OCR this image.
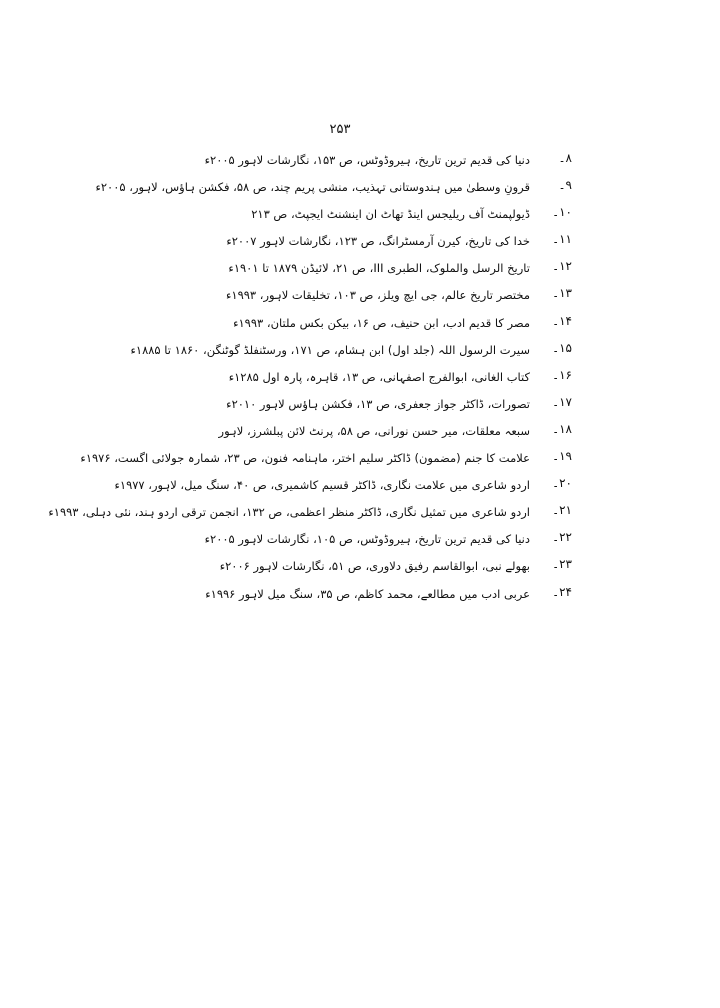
۲۵۳
۸۔
دنیا کی قدیم ترین تاریخ، ہیروڈوٹس، ص ۱۵۳، نگارشات لاہور ۲۰۰۵ء
۹۔
قرونِ وسطیٰ میں ہندوستانی تہذیب، منشی پریم چند، ص ۵۸، فکشن ہاؤس، لاہور، ۲۰۰۵ء
۱۰۔
ڈیولپمنٹ آف ریلیجس اینڈ تھاٹ ان اینشنٹ ایجپٹ، ص ۲۱۳
۱۱۔
خدا کی تاریخ، کیرن آرمسٹرانگ، ص ۱۲۳، نگارشات لاہور ۲۰۰۷ء
۱۲۔
تاریخ الرسل والملوک، الطبری III، ص ۲۱، لائیڈن ۱۸۷۹ تا ۱۹۰۱ء
۱۳۔
مختصر تاریخ عالم، جی ایچ ویلز، ص ۱۰۳، تخلیقات لاہور، ۱۹۹۳ء
۱۴۔
مصر کا قدیم ادب، ابن حنیف، ص ۱۶، بیکن بکس ملتان، ۱۹۹۳ء
۱۵۔
سیرت الرسول اللہ (جلد اول) ابن ہشام، ص ۱۷۱، ورسٹنفلڈ گوٹنگن، ۱۸۶۰ تا ۱۸۸۵ء
۱۶۔
کتاب الغانی، ابوالفرج اصفہانی، ص ۱۳، قاہرہ، پارہ اول ۱۲۸۵ء
۱۷۔
تصورات، ڈاکٹر جواز جعفری، ص ۱۳، فکشن ہاؤس لاہور ۲۰۱۰ء
۱۸۔
سبعہ معلقات، میر حسن نورانی، ص ۵۸، پرنٹ لائن پبلشرز، لاہور
۱۹۔
علامت کا جنم (مضمون) ڈاکٹر سلیم اختر، ماہنامہ فنون، ص ۲۳، شمارہ جولائی اگست، ۱۹۷۶ء
۲۰۔
اردو شاعری میں علامت نگاری، ڈاکٹر قسیم کاشمیری، ص ۴۰، سنگ میل، لاہور، ۱۹۷۷ء
۲۱۔
اردو شاعری میں تمثیل نگاری، ڈاکٹر منظر اعظمی، ص ۱۳۲، انجمن ترقی اردو ہند، نئی دہلی، ۱۹۹۳ء
۲۲۔
دنیا کی قدیم ترین تاریخ، ہیروڈوٹس، ص ۱۰۵، نگارشات لاہور ۲۰۰۵ء
۲۳۔
بھولے نبی، ابوالقاسم رفیق دلاوری، ص ۵۱، نگارشات لاہور ۲۰۰۶ء
۲۴۔
عربی ادب میں مطالعے، محمد کاظم، ص ۳۵، سنگ میل لاہور ۱۹۹۶ء
